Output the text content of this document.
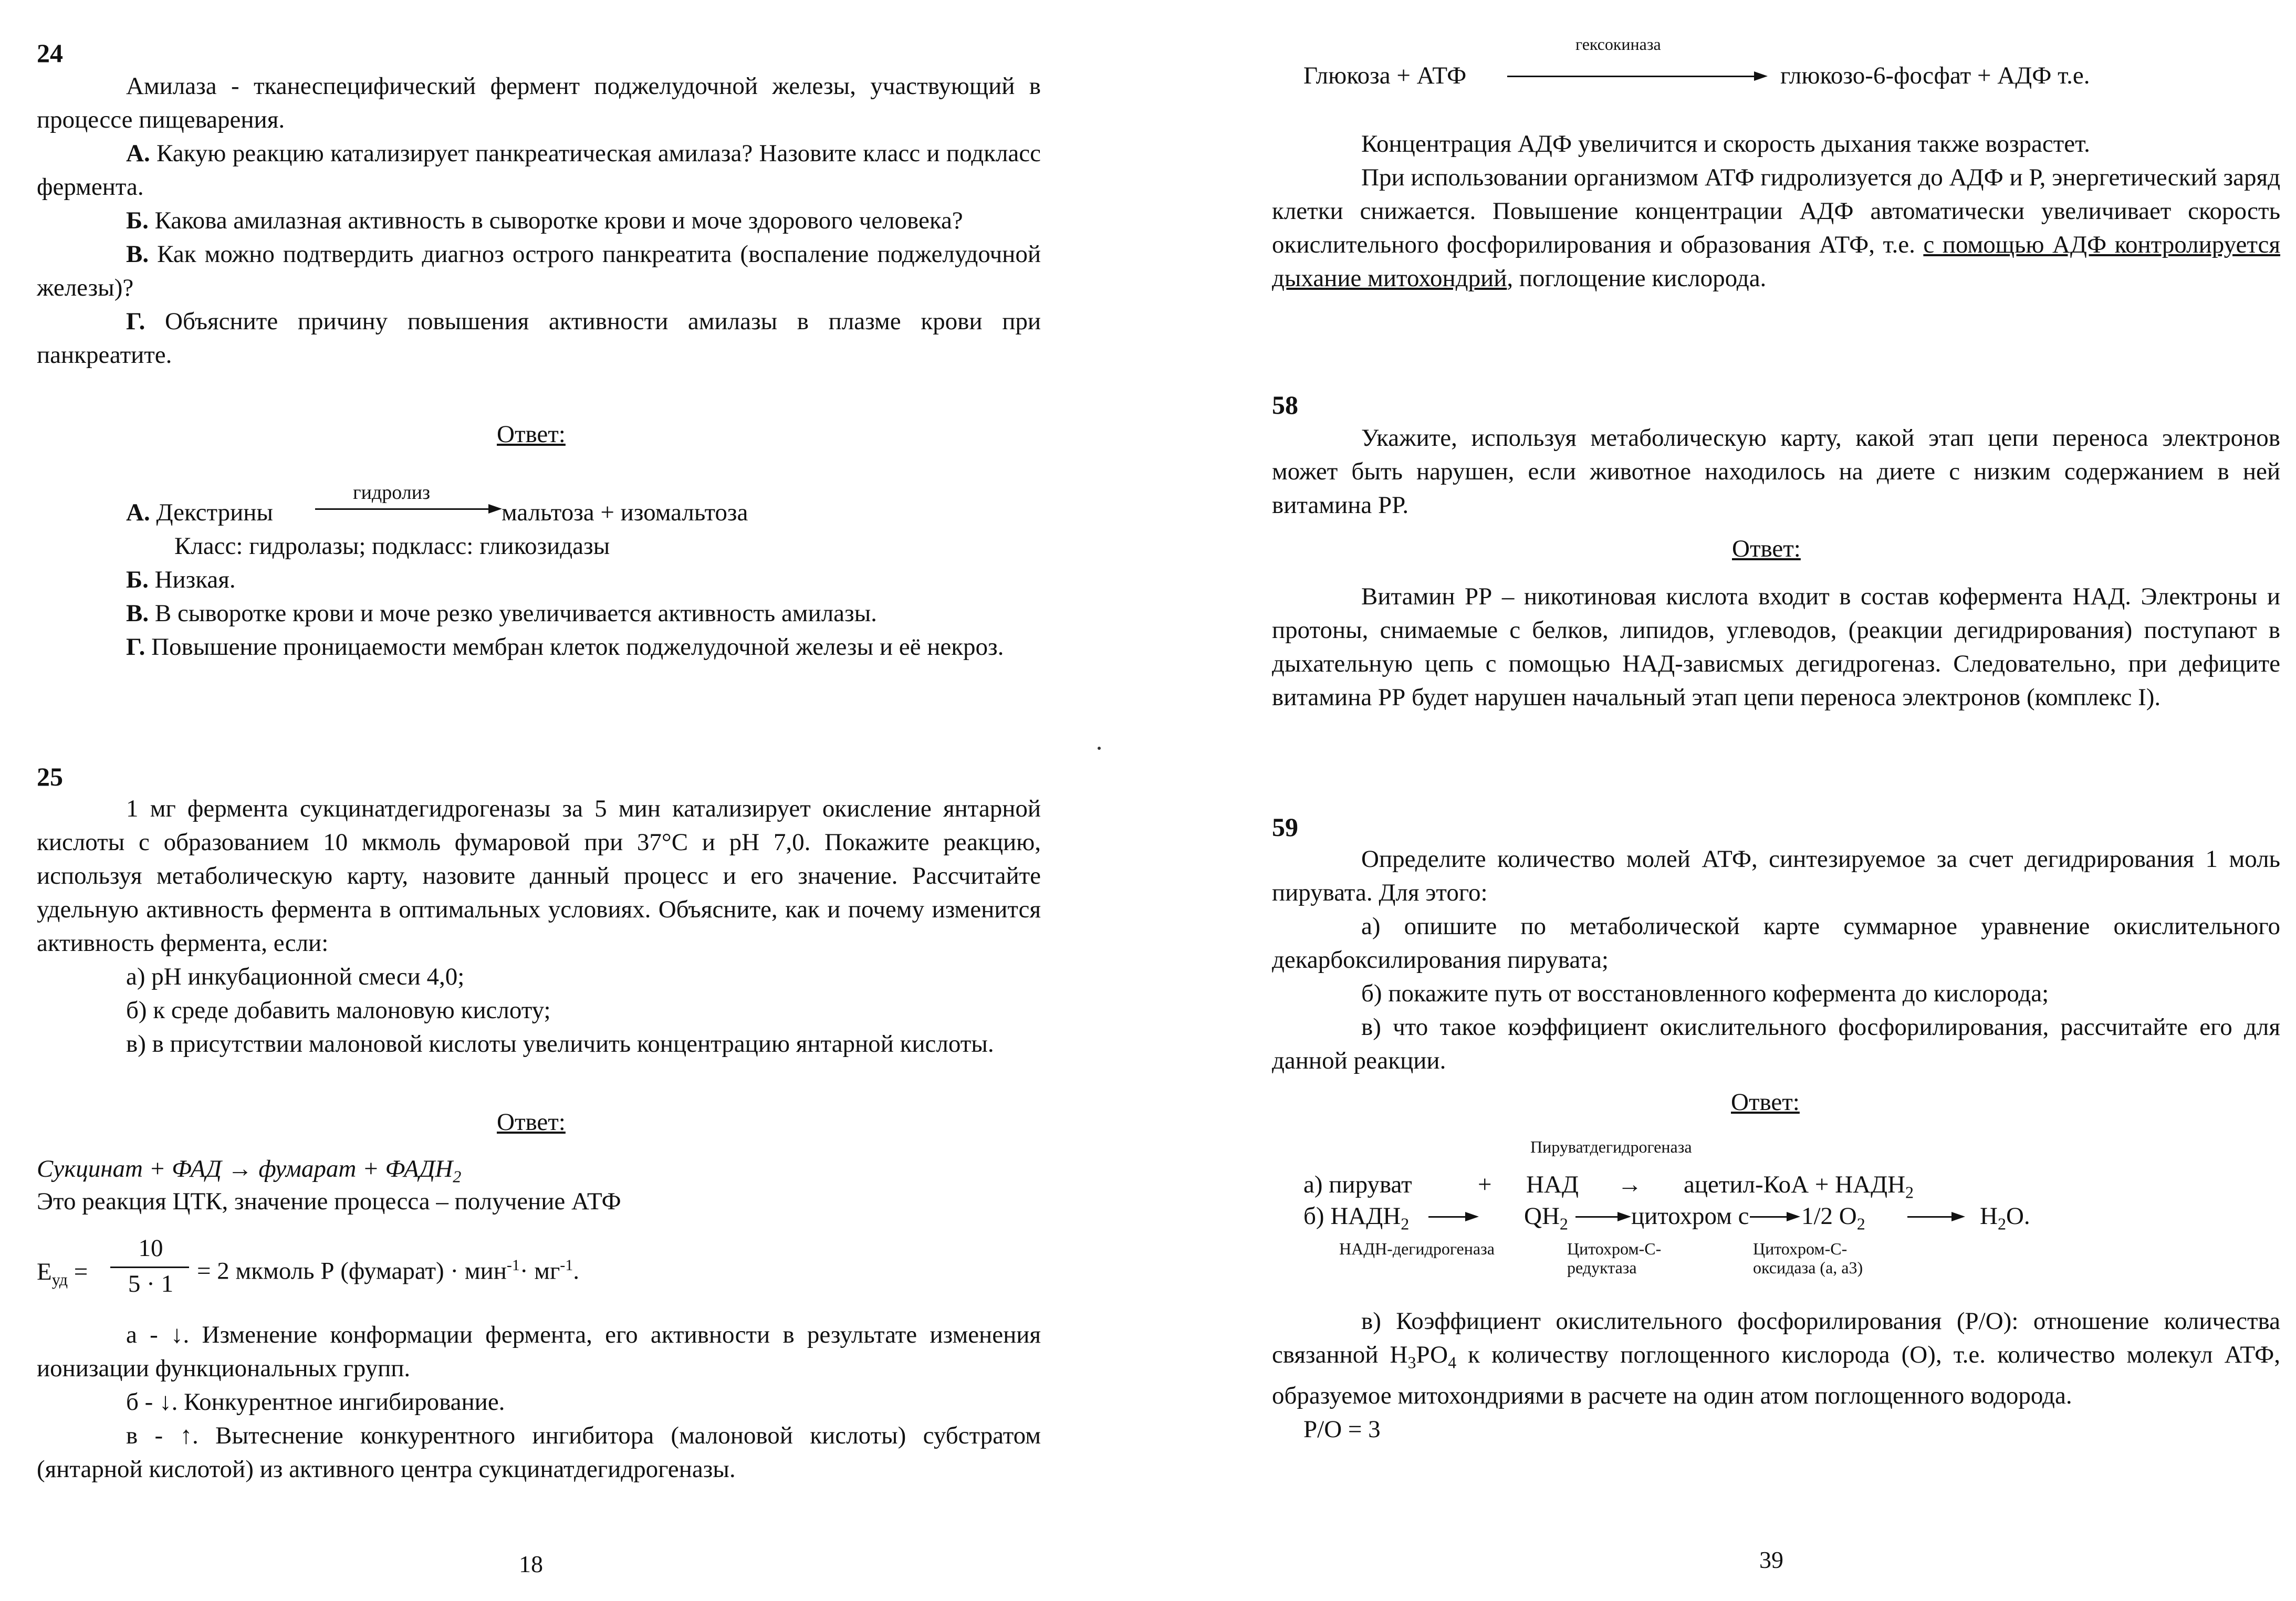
24

Амилаза - тканеспецифический фермент поджелудочной железы, участвующий в процессе пищеварения.

А. Какую реакцию катализирует панкреатическая амилаза? Назовите класс и подкласс фермента.

Б. Какова амилазная активность в сыворотке крови и моче здорового человека?

В. Как можно подтвердить диагноз острого панкреатита (воспаление поджелудочной железы)?

Г. Объясните причину повышения активности амилазы в плазме крови при панкреатите.

Ответ:
гидролиз
А. Декстрины	мальтоза + изомальтоза

Класс: гидролазы; подкласс: гликозидазы

Б. Низкая.

В. В сыворотке крови и моче резко увеличивается активность амилазы.

Г. Повышение проницаемости мембран клеток поджелудочной железы и её некроз.

25

1 мг фермента сукцинатдегидрогеназы за 5 мин катализирует окисление янтарной кислоты с образованием 10 мкмоль фумаровой при 37°С и рН 7,0. Покажите реакцию, используя метаболическую карту, назовите данный процесс и его значение. Рассчитайте удельную активность фермента в оптимальных условиях. Объясните, как и почему изменится активность фермента, если:

а) рН инкубационной смеси 4,0;

б) к среде добавить малоновую кислоту;

в) в присутствии малоновой кислоты увеличить концентрацию янтарной кислоты.

Ответ:
Сукцинат + ФАД → фумарат + $ФАДН_2$
Это реакция ЦТК, значение процесса – получение АТФ
$Е_{уд}$ =
10
5 · 1 = 2 мкмоль Р (фумарат) · $мин^{-1}\cdot мг^{-1}$.

а - ↓. Изменение конформации фермента, его активности в результате изменения ионизации функциональных групп.

б - ↓. Конкурентное ингибирование.

в - ↑. Вытеснение конкурентного ингибитора (малоновой кислоты) субстратом (янтарной кислотой) из активного центра сукцинатдегидрогеназы.

18
гексокиназа
Глюкоза + АТФ	глюкозо-6-фосфат + АДФ т.е.

Концентрация АДФ увеличится и скорость дыхания также возрастет.

При использовании организмом АТФ гидролизуется до АДФ и Р, энергетический заряд клетки снижается. Повышение концентрации АДФ автоматически увеличивает скорость окислительного фосфорилирования и образования АТФ, т.е. с помощью АДФ контролируется дыхание митохондрий, поглощение кислорода.

58

Укажите, используя метаболическую карту, какой этап цепи переноса электронов может быть нарушен, если животное находилось на диете с низким содержанием в ней витамина РР.

Ответ:

Витамин РР – никотиновая кислота входит в состав кофермента НАД. Электроны и протоны, снимаемые с белков, липидов, углеводов, (реакции дегидрирования) поступают в дыхательную цепь с помощью НАД-зависмых дегидрогеназ. Следовательно, при дефиците витамина РР будет нарушен начальный этап цепи переноса электронов (комплекс I).

59

Определите количество молей АТФ, синтезируемое за счет дегидрирования 1 моль пирувата. Для этого:

а) опишите по метаболической карте суммарное уравнение окислительного декарбоксилирования пирувата;

б) покажите путь от восстановленного кофермента до кислорода;

в) что такое коэффициент окислительного фосфорилирования, рассчитайте его для данной реакции.

Ответ:
Пируватдегидрогеназа
а) пируват	+ НАД → ацетил-КоА + $НАДН_2$
б) $НАДН_2$	$QH_2$	цитохром с 1/2 $O_2$	$H_2O$.
НАДН-дегидрогеназа	Цитохром-С-
редуктаза
Цитохром-С-
оксидаза (а, а3)

в) Коэффициент окислительного фосфорилирования (Р/О): отношение количества связанной $Н_3РО_4$ к количеству поглощенного кислорода (О), т.е. количество молекул АТФ, образуемое митохондриями в расчете на один атом поглощенного водорода.

Р/О = 3

39
